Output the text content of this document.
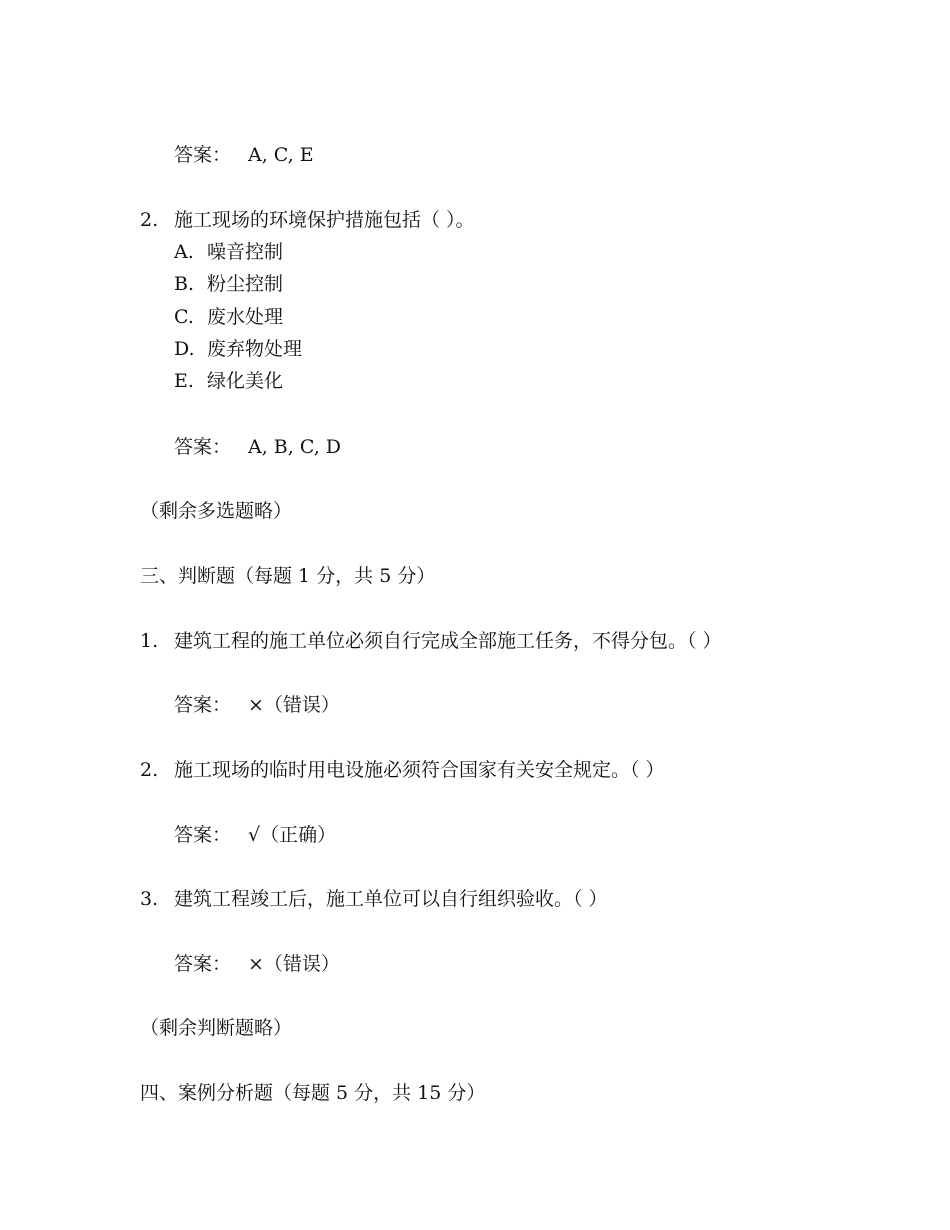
答案： A, C, E
2. 施工现场的环境保护措施包括（ ）。
A. 噪音控制
B. 粉尘控制
C. 废水处理
D. 废弃物处理
E. 绿化美化
答案： A, B, C, D
（剩余多选题略）
三、判断题（每题 1 分，共 5 分）
1. 建筑工程的施工单位必须自行完成全部施工任务，不得分包。（ ）
答案： ×（错误）
2. 施工现场的临时用电设施必须符合国家有关安全规定。（ ）
答案： √（正确）
3. 建筑工程竣工后，施工单位可以自行组织验收。（ ）
答案： ×（错误）
（剩余判断题略）
四、案例分析题（每题 5 分，共 15 分）
